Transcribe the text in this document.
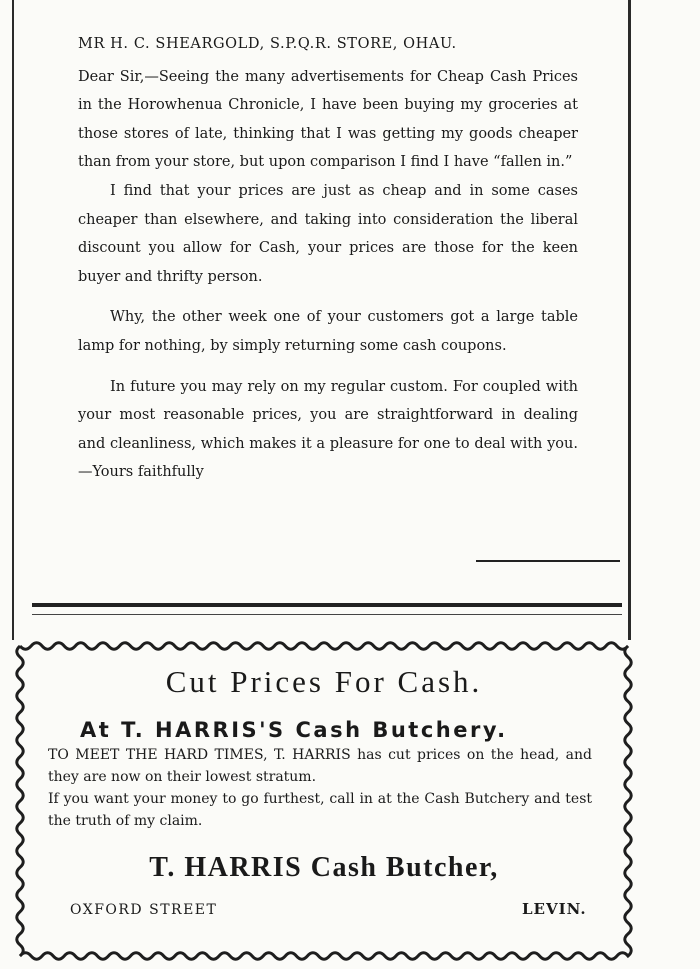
MR H. C. SHEARGOLD, S.P.Q.R. STORE, OHAU.

Dear Sir,—Seeing the many advertisements for Cheap Cash Prices in the Horowhenua Chronicle, I have been buying my groceries at those stores of late, thinking that I was getting my goods cheaper than from your store, but upon comparison I find I have “fallen in.”

I find that your prices are just as cheap and in some cases cheaper than elsewhere, and taking into consideration the liberal discount you allow for Cash, your prices are those for the keen buyer and thrifty person.

Why, the other week one of your customers got a large table lamp for nothing, by simply returning some cash coupons.

In future you may rely on my regular custom. For coupled with your most reasonable prices, you are straightforward in dealing and cleanliness, which makes it a pleasure for one to deal with you.—Yours faithfully

Cut Prices For Cash.
At T. HARRIS'S Cash Butchery.

TO MEET THE HARD TIMES, T. HARRIS has cut prices on the head, and they are now on their lowest stratum.

If you want your money to go furthest, call in at the Cash Butchery and test the truth of my claim.

T. HARRIS Cash Butcher,
OXFORD STREET	LEVIN.
